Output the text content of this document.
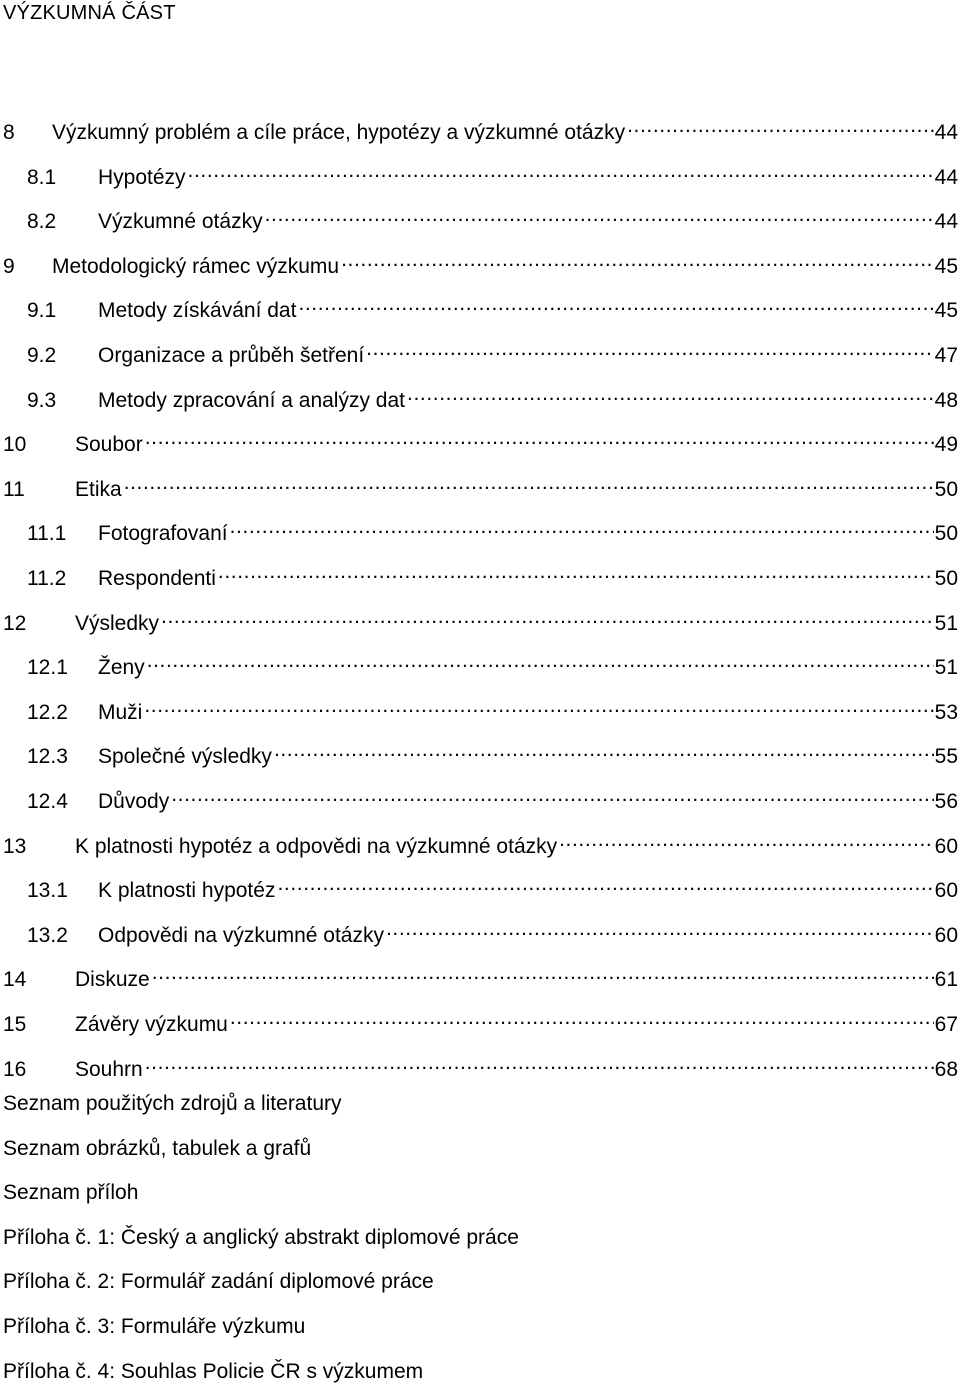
VÝZKUMNÁ ČÁST
8	Výzkumný problém a cíle práce, hypotézy a výzkumné otázky .....	44
8.1	Hypotézy .....	44
8.2	Výzkumné otázky .....	44
9	Metodologický rámec výzkumu .....	45
9.1	Metody získávání dat .....	45
9.2	Organizace a průběh šetření .....	47
9.3	Metody zpracování a analýzy dat .....	48
10	Soubor .....	49
11	Etika .....	50
11.1	Fotografovaní .....	50
11.2	Respondenti .....	50
12	Výsledky .....	51
12.1	Ženy .....	51
12.2	Muži .....	53
12.3	Společné výsledky .....	55
12.4	Důvody .....	56
13	K platnosti hypotéz a odpovědi na výzkumné otázky .....	60
13.1	K platnosti hypotéz .....	60
13.2	Odpovědi na výzkumné otázky .....	60
14	Diskuze .....	61
15	Závěry výzkumu .....	67
16	Souhrn .....	68
Seznam použitých zdrojů a literatury
Seznam obrázků, tabulek a grafů
Seznam příloh
Příloha č. 1: Český a anglický abstrakt diplomové práce
Příloha č. 2: Formulář zadání diplomové práce
Příloha č. 3: Formuláře výzkumu
Příloha č. 4: Souhlas Policie ČR s výzkumem
